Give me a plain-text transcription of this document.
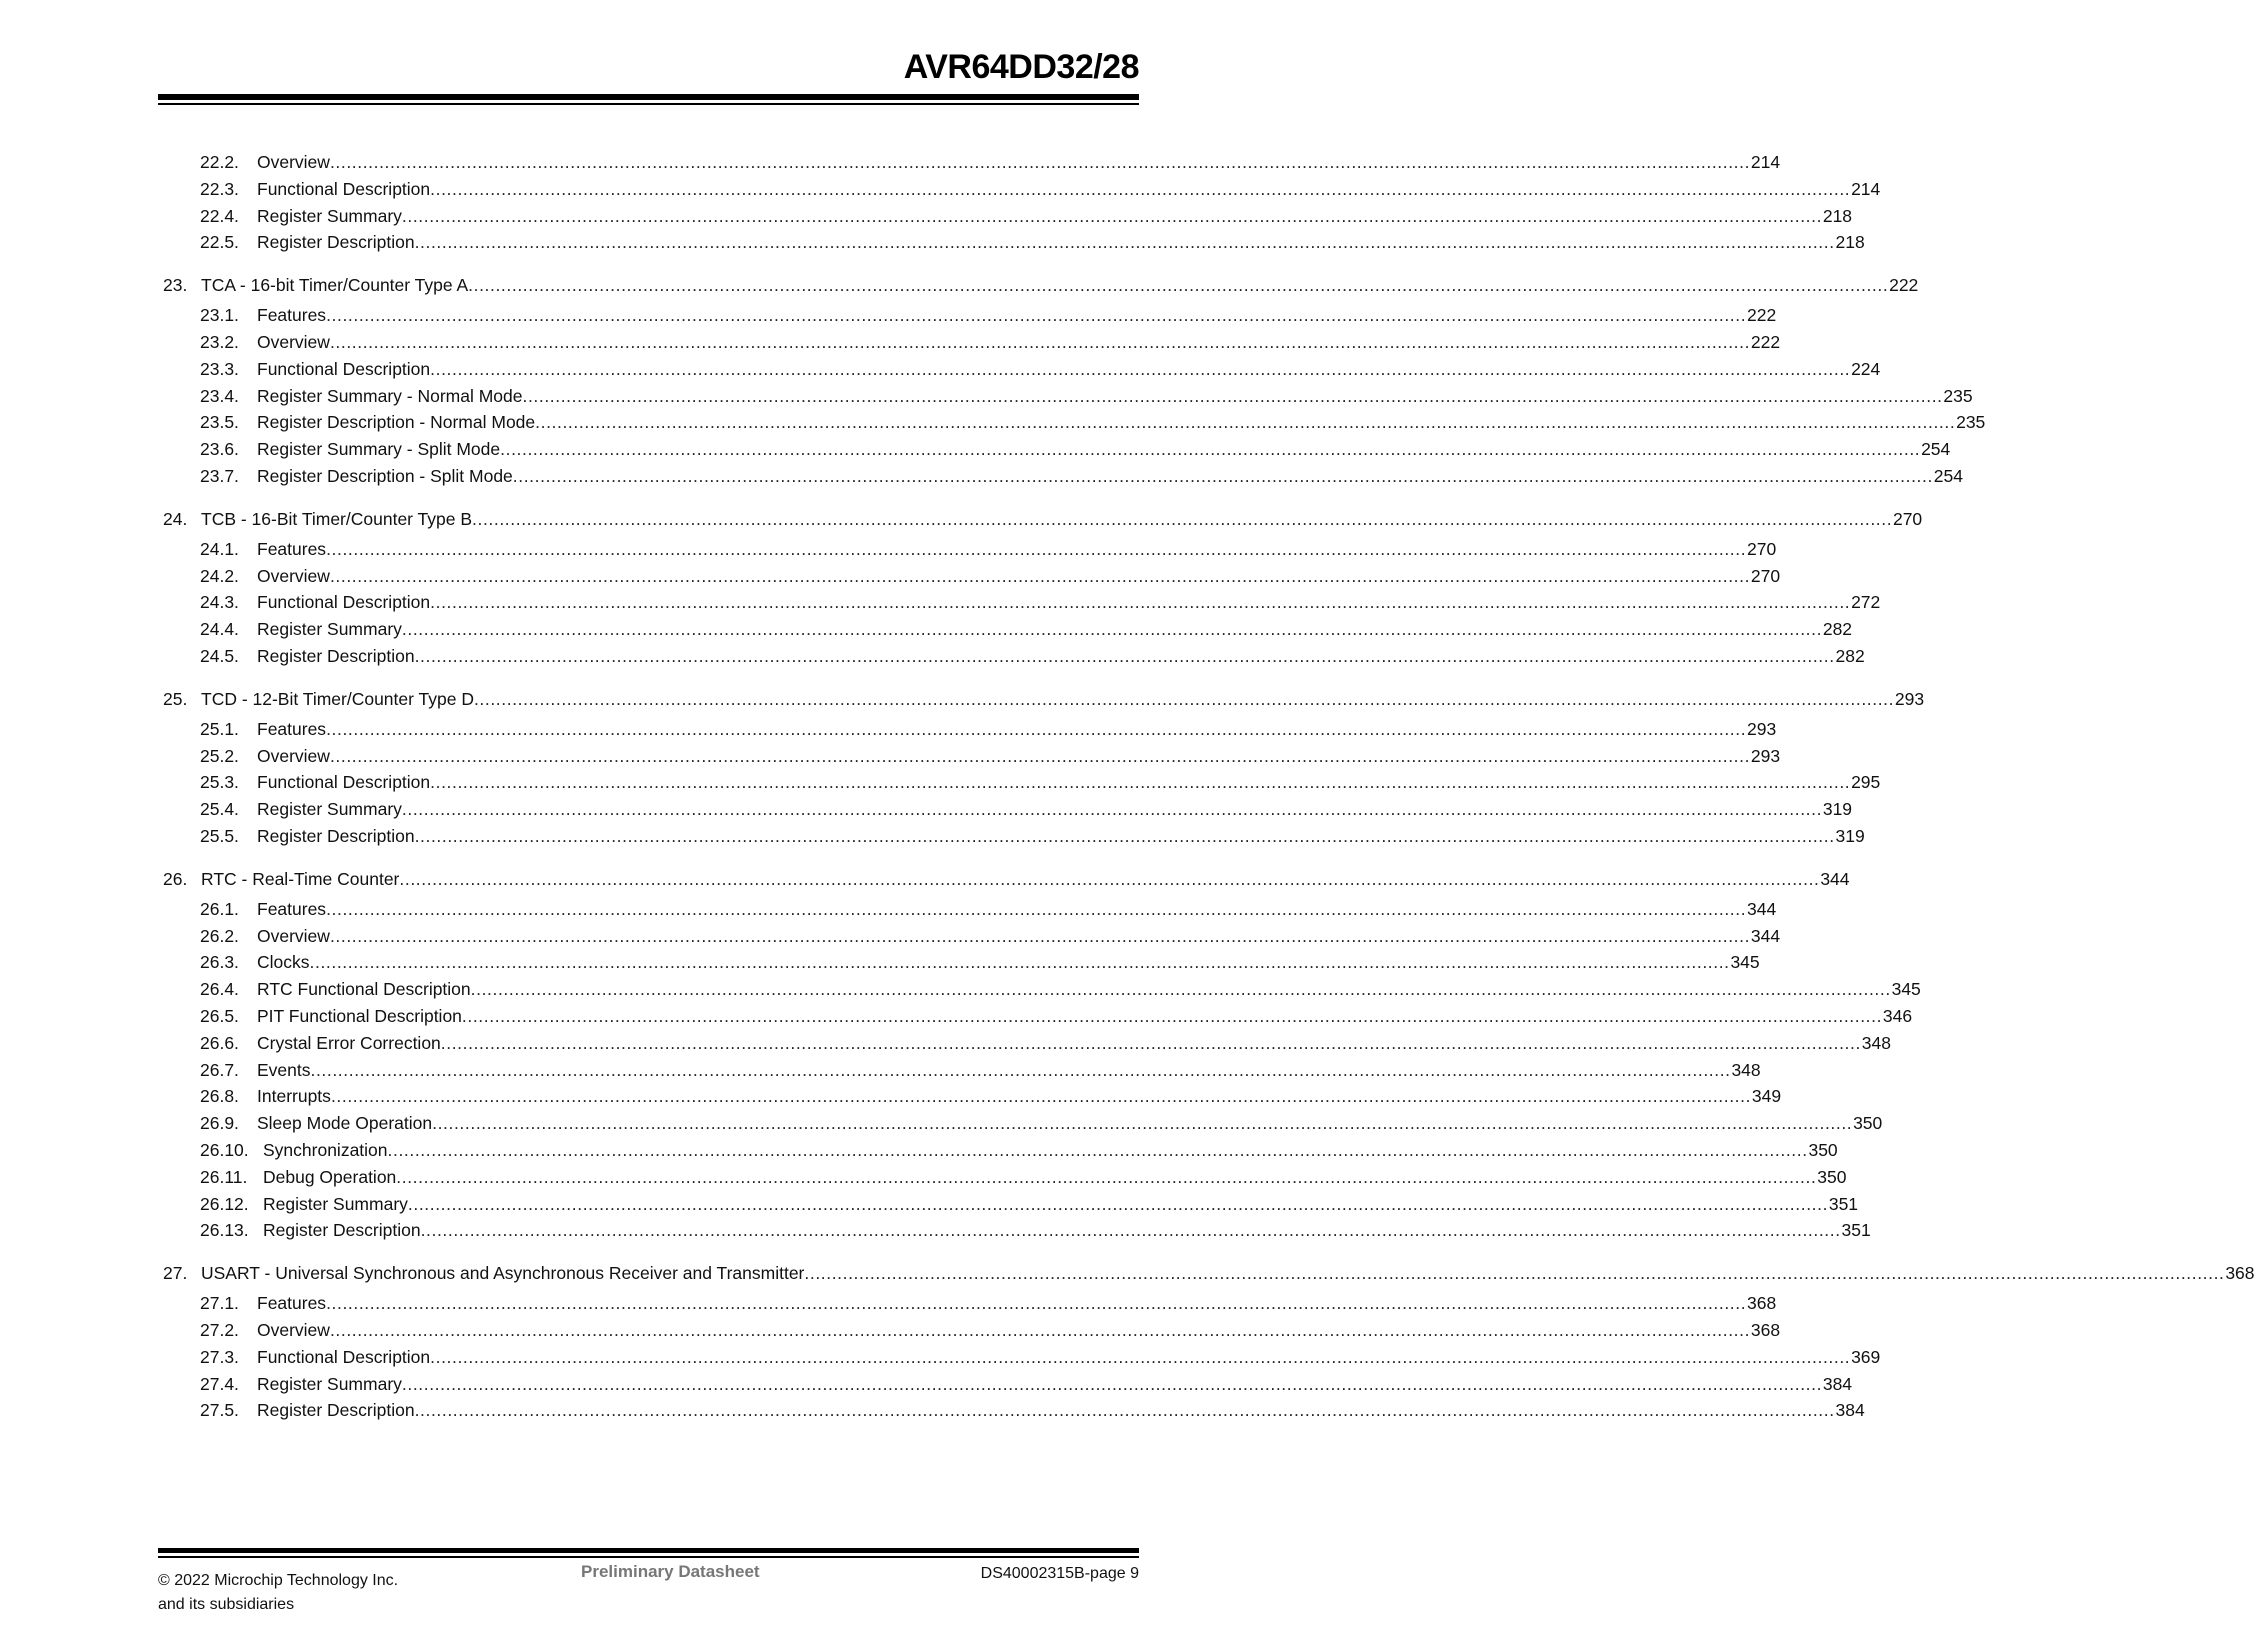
AVR64DD32/28
22.2. Overview .................................................................................................................................................................................................................................................................... 214
22.3. Functional Description .................................................................................................................................................................................................................................................................... 214
22.4. Register Summary .................................................................................................................................................................................................................................................................... 218
22.5. Register Description .................................................................................................................................................................................................................................................................... 218
23. TCA - 16-bit Timer/Counter Type A .................................................................................................................................................................................................................................................................... 222
23.1. Features .................................................................................................................................................................................................................................................................... 222
23.2. Overview .................................................................................................................................................................................................................................................................... 222
23.3. Functional Description .................................................................................................................................................................................................................................................................... 224
23.4. Register Summary - Normal Mode .................................................................................................................................................................................................................................................................... 235
23.5. Register Description - Normal Mode .................................................................................................................................................................................................................................................................... 235
23.6. Register Summary - Split Mode .................................................................................................................................................................................................................................................................... 254
23.7. Register Description - Split Mode .................................................................................................................................................................................................................................................................... 254
24. TCB - 16-Bit Timer/Counter Type B .................................................................................................................................................................................................................................................................... 270
24.1. Features .................................................................................................................................................................................................................................................................... 270
24.2. Overview .................................................................................................................................................................................................................................................................... 270
24.3. Functional Description .................................................................................................................................................................................................................................................................... 272
24.4. Register Summary .................................................................................................................................................................................................................................................................... 282
24.5. Register Description .................................................................................................................................................................................................................................................................... 282
25. TCD - 12-Bit Timer/Counter Type D .................................................................................................................................................................................................................................................................... 293
25.1. Features .................................................................................................................................................................................................................................................................... 293
25.2. Overview .................................................................................................................................................................................................................................................................... 293
25.3. Functional Description .................................................................................................................................................................................................................................................................... 295
25.4. Register Summary .................................................................................................................................................................................................................................................................... 319
25.5. Register Description .................................................................................................................................................................................................................................................................... 319
26. RTC - Real-Time Counter .................................................................................................................................................................................................................................................................... 344
26.1. Features .................................................................................................................................................................................................................................................................... 344
26.2. Overview .................................................................................................................................................................................................................................................................... 344
26.3. Clocks .................................................................................................................................................................................................................................................................... 345
26.4. RTC Functional Description .................................................................................................................................................................................................................................................................... 345
26.5. PIT Functional Description .................................................................................................................................................................................................................................................................... 346
26.6. Crystal Error Correction .................................................................................................................................................................................................................................................................... 348
26.7. Events .................................................................................................................................................................................................................................................................... 348
26.8. Interrupts .................................................................................................................................................................................................................................................................... 349
26.9. Sleep Mode Operation .................................................................................................................................................................................................................................................................... 350
26.10. Synchronization .................................................................................................................................................................................................................................................................... 350
26.11. Debug Operation .................................................................................................................................................................................................................................................................... 350
26.12. Register Summary .................................................................................................................................................................................................................................................................... 351
26.13. Register Description .................................................................................................................................................................................................................................................................... 351
27. USART - Universal Synchronous and Asynchronous Receiver and Transmitter .................................................................................................................................................................................................................................................................... 368
27.1. Features .................................................................................................................................................................................................................................................................... 368
27.2. Overview .................................................................................................................................................................................................................................................................... 368
27.3. Functional Description .................................................................................................................................................................................................................................................................... 369
27.4. Register Summary .................................................................................................................................................................................................................................................................... 384
27.5. Register Description .................................................................................................................................................................................................................................................................... 384
© 2022 Microchip Technology Inc.
and its subsidiaries
Preliminary Datasheet	DS40002315B-page 9
